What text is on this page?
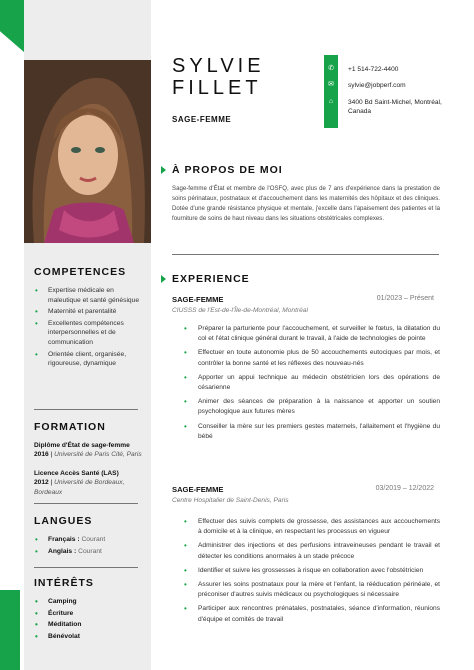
SYLVIE
FILLET
SAGE-FEMME
✆
✉
⌂
+1 514-722-4400
sylvie@jobperf.com
3400 Bd Saint-Michel, Montréal, Canada
À PROPOS DE MOI
Sage-femme d'État et membre de l'OSFQ, avec plus de 7 ans d'expérience dans la prestation de soins périnataux, postnataux et d'accouchement dans les maternités des hôpitaux et des cliniques. Dotée d'une grande résistance physique et mentale, j'excelle dans l'apaisement des patientes et la fourniture de soins de haut niveau dans les situations obstétricales complexes.
EXPERIENCE
SAGE-FEMME	01/2023 – Présent
CIUSSS de l'Est-de-l'Île-de-Montréal, Montréal
• Préparer la parturiente pour l'accouchement, et surveiller le fœtus, la dilatation du col et l'état clinique général durant le travail, à l'aide de technologies de pointe
• Effectuer en toute autonomie plus de 50 accouchements eutociques par mois, et contrôler la bonne santé et les réflexes des nouveau-nés
• Apporter un appui technique au médecin obstétricien lors des opérations de césarienne
• Animer des séances de préparation à la naissance et apporter un soutien psychologique aux futures mères
• Conseiller la mère sur les premiers gestes maternels, l'allaitement et l'hygiène du bébé
SAGE-FEMME	03/2019 – 12/2022
Centre Hospitalier de Saint-Denis, Paris
• Effectuer des suivis complets de grossesse, des assistances aux accouchements à domicile et à la clinique, en respectant les processus en vigueur
• Administrer des injections et des perfusions intraveineuses pendant le travail et détecter les conditions anormales à un stade précoce
• Identifier et suivre les grossesses à risque en collaboration avec l'obstétricien
• Assurer les soins postnataux pour la mère et l'enfant, la rééducation périnéale, et préconiser d'autres suivis médicaux ou psychologiques si nécessaire
• Participer aux rencontres prénatales, postnatales, séance d'information, réunions d'équipe et comités de travail
COMPETENCES
• Expertise médicale en maleutique et santé génésique
• Maternité et parentalité
• Excellentes compétences interpersonnelles et de communication
• Orientée client, organisée, rigoureuse, dynamique
FORMATION
Diplôme d'État de sage-femme
2016 | Université de Paris Cité, Paris
Licence Accès Santé (LAS)
2012 | Université de Bordeaux, Bordeaux
LANGUES
• Français : Courant
• Anglais : Courant
INTÉRÊTS
• Camping
• Écriture
• Méditation
• Bénévolat
